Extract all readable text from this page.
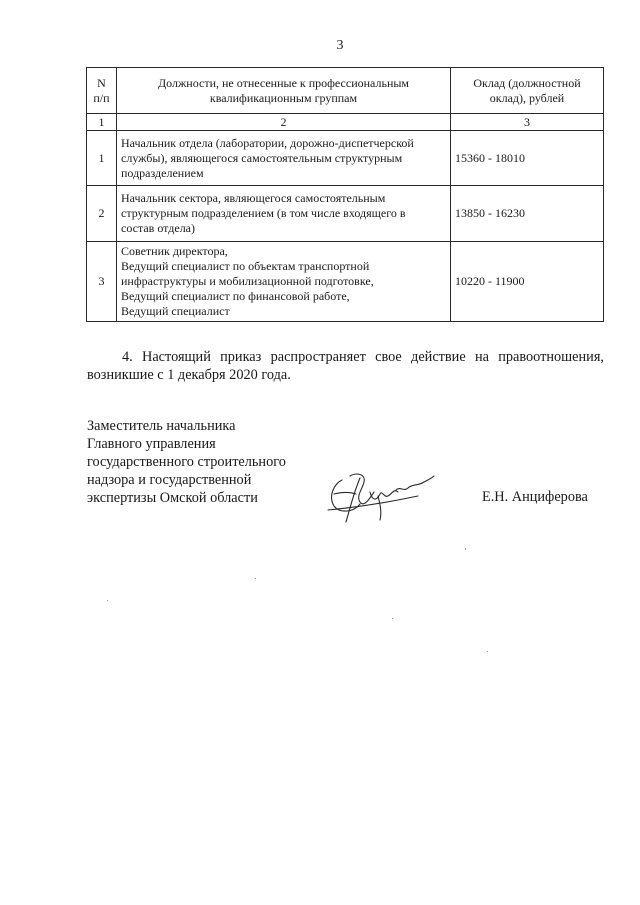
3
N п/п	Должности, не отнесенные к профессиональным квалификационным группам	Оклад (должностной оклад), рублей
1	2	3
1	Начальник отдела (лаборатории, дорожно-диспетчерской
службы), являющегося самостоятельным структурным
подразделением	15360 - 18010
2	Начальник сектора, являющегося самостоятельным
структурным подразделением (в том числе входящего в
состав отдела)	13850 - 16230
3	Советник директора,
Ведущий специалист по объектам транспортной
инфраструктуры и мобилизационной подготовке,
Ведущий специалист по финансовой работе,
Ведущий специалист	10220 - 11900
4. Настоящий приказ распространяет свое действие на правоотношения, возникшие с 1 декабря 2020 года.
Заместитель начальника
Главного управления
государственного строительного
надзора и государственной
экспертизы Омской области	Е.Н. Анциферова
